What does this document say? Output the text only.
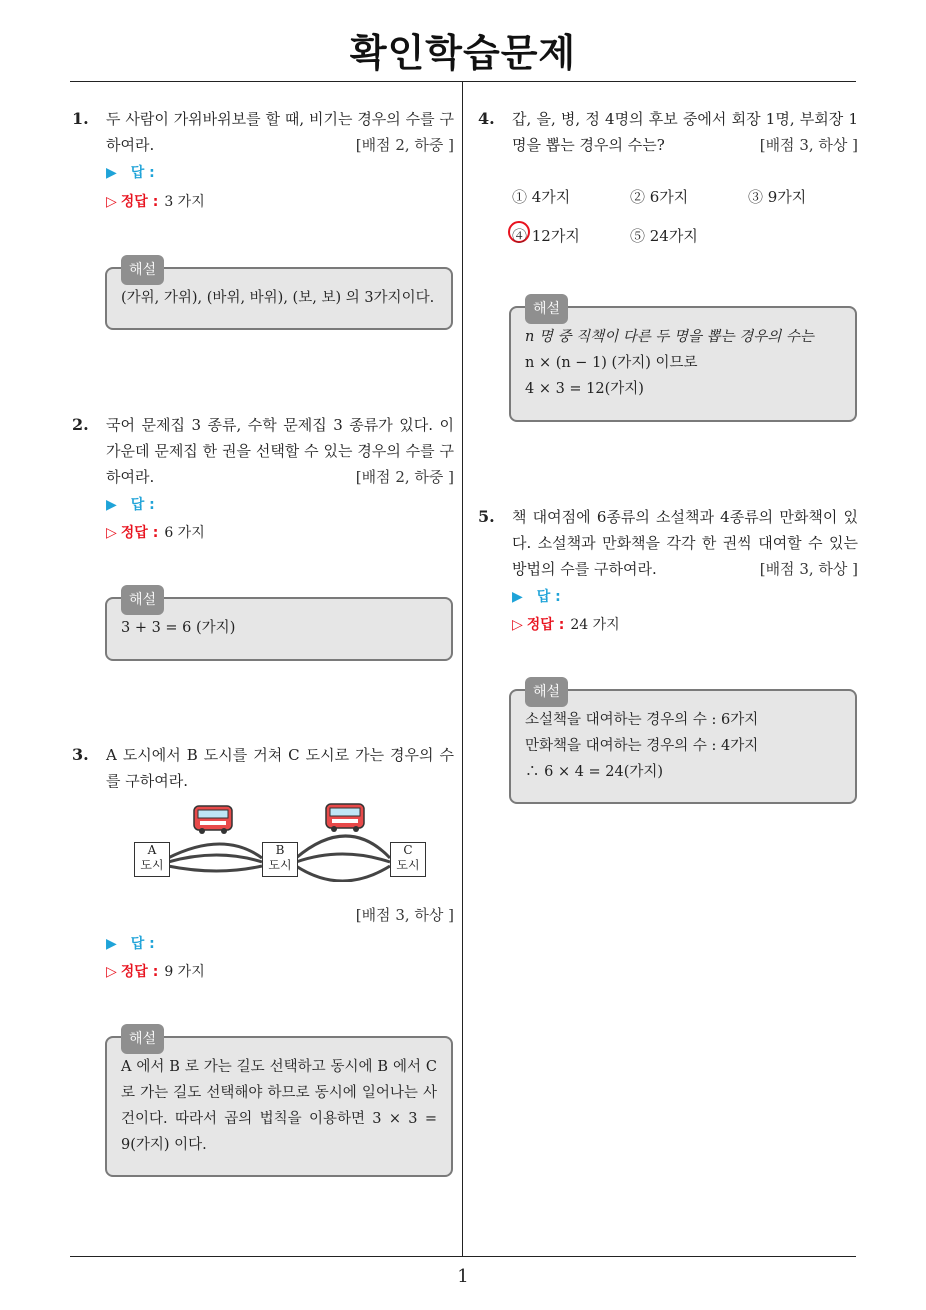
확인학습문제
1. 두 사람이 가위바위보를 할 때, 비기는 경우의 수를 구하여라.	[배점 2, 하중 ]
▶ 답 :
▷ 정답 : 3 가지
해설
(가위, 가위), (바위, 바위), (보, 보) 의 3가지이다.
2. 국어 문제집 3 종류, 수학 문제집 3 종류가 있다. 이 가운데 문제집 한 권을 선택할 수 있는 경우의 수를 구하여라.	[배점 2, 하중 ]
▶ 답 :
▷ 정답 : 6 가지
해설
3 + 3 = 6 (가지)
3. A 도시에서 B 도시를 거쳐 C 도시로 가는 경우의 수를 구하여라.
A
도시
B
도시
C
도시
[배점 3, 하상 ]
▶ 답 :
▷ 정답 : 9 가지
해설
A 에서 B 로 가는 길도 선택하고 동시에 B 에서 C 로 가는 길도 선택해야 하므로 동시에 일어나는 사건이다. 따라서 곱의 법칙을 이용하면 3 × 3 = 9(가지) 이다.
4. 갑, 을, 병, 정 4명의 후보 중에서 회장 1명, 부회장 1명을 뽑는 경우의 수는?	[배점 3, 하상 ]
① 4가지	② 6가지	③ 9가지
④ 12가지	⑤ 24가지
해설
n 명 중 직책이 다른 두 명을 뽑는 경우의 수는
n × (n − 1) (가지) 이므로
4 × 3 = 12(가지)
5. 책 대여점에 6종류의 소설책과 4종류의 만화책이 있다. 소설책과 만화책을 각각 한 권씩 대여할 수 있는 방법의 수를 구하여라.	[배점 3, 하상 ]
▶ 답 :
▷ 정답 : 24 가지
해설
소설책을 대여하는 경우의 수 : 6가지
만화책을 대여하는 경우의 수 : 4가지
∴ 6 × 4 = 24(가지)
1
